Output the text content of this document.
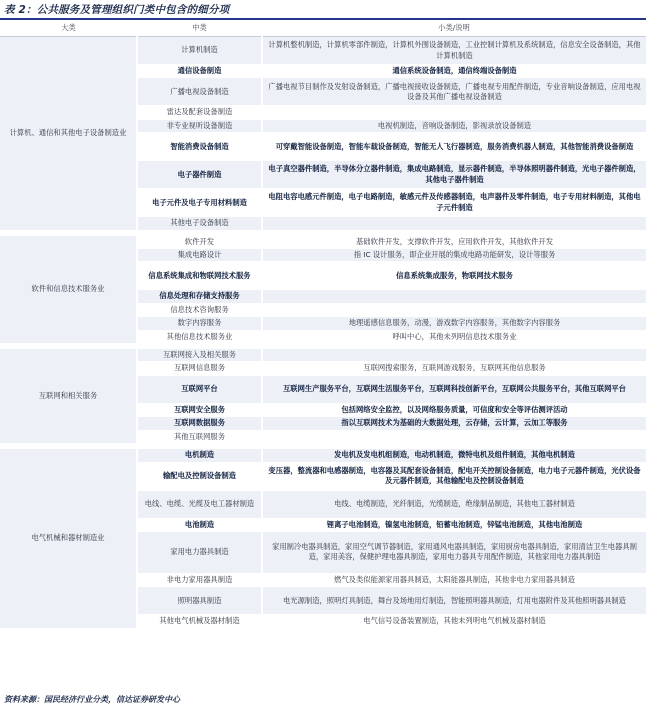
表 2：公共服务及管理组织门类中包含的细分项
大类	中类	小类/说明
计算机、通信和其他电子设备制造业	计算机制造	计算机整机制造，计算机零部件制造，计算机外围设备制造，工业控制计算机及系统制造，信息安全设备制造，其他计算机制造
	通信设备制造	通信系统设备制造，通信终端设备制造
	广播电视设备制造	广播电视节目制作及发射设备制造，广播电视接收设备制造，广播电视专用配件制造，专业音响设备制造，应用电视设备及其他广播电视设备制造
	雷达及配套设备制造	
	非专业视听设备制造	电视机制造，音响设备制造，影视录放设备制造
	智能消费设备制造	可穿戴智能设备制造，智能车载设备制造，智能无人飞行器制造，服务消费机器人制造，其他智能消费设备制造
	电子器件制造	电子真空器件制造，半导体分立器件制造，集成电路制造，显示器件制造，半导体照明器件制造，光电子器件制造，其他电子器件制造
	电子元件及电子专用材料制造	电阻电容电感元件制造，电子电路制造，敏感元件及传感器制造，电声器件及零件制造，电子专用材料制造，其他电子元件制造
	其他电子设备制造	
软件和信息技术服务业	软件开发	基础软件开发，支撑软件开发，应用软件开发，其他软件开发
	集成电路设计	指 IC 设计服务，即企业开展的集成电路功能研发，设计等服务
	信息系统集成和物联网技术服务	信息系统集成服务，物联网技术服务
	信息处理和存储支持服务	
	信息技术咨询服务	
	数字内容服务	地理遥感信息服务，动漫，游戏数字内容服务，其他数字内容服务
	其他信息技术服务业	呼叫中心，其他未列明信息技术服务业
互联网和相关服务	互联网接入及相关服务	
	互联网信息服务	互联网搜索服务，互联网游戏服务，互联网其他信息服务
	互联网平台	互联网生产服务平台，互联网生活服务平台，互联网科技创新平台，互联网公共服务平台，其他互联网平台
	互联网安全服务	包括网络安全监控，以及网络服务质量，可信度和安全等评估测评活动
	互联网数据服务	指以互联网技术为基础的大数据处理，云存储，云计算，云加工等服务
	其他互联网服务	
电气机械和器材制造业	电机制造	发电机及发电机组制造，电动机制造，微特电机及组件制造，其他电机制造
	输配电及控制设备制造	变压器，整流器和电感器制造，电容器及其配套设备制造，配电开关控制设备制造，电力电子元器件制造，光伏设备及元器件制造，其他输配电及控制设备制造
	电线、电缆、光缆及电工器材制造	电线、电缆制造，光纤制造，光缆制造，绝缘制品制造，其他电工器材制造
	电池制造	锂离子电池制造，镍氢电池制造，铅蓄电池制造，锌锰电池制造，其他电池制造
	家用电力器具制造	家用制冷电器具制造，家用空气调节器制造，家用通风电器具制造，家用厨房电器具制造，家用清洁卫生电器具制造，家用美容，保健护理电器具制造，家用电力器具专用配件制造，其他家用电力器具制造
	非电力家用器具制造	燃气及类似能源家用器具制造，太阳能器具制造，其他非电力家用器具制造
	照明器具制造	电光源制造，照明灯具制造，舞台及场地用灯制造，智能照明器具制造，灯用电器附件及其他照明器具制造
	其他电气机械及器材制造	电气信号设备装置制造，其他未列明电气机械及器材制造
资料来源：国民经济行业分类，信达证券研发中心
